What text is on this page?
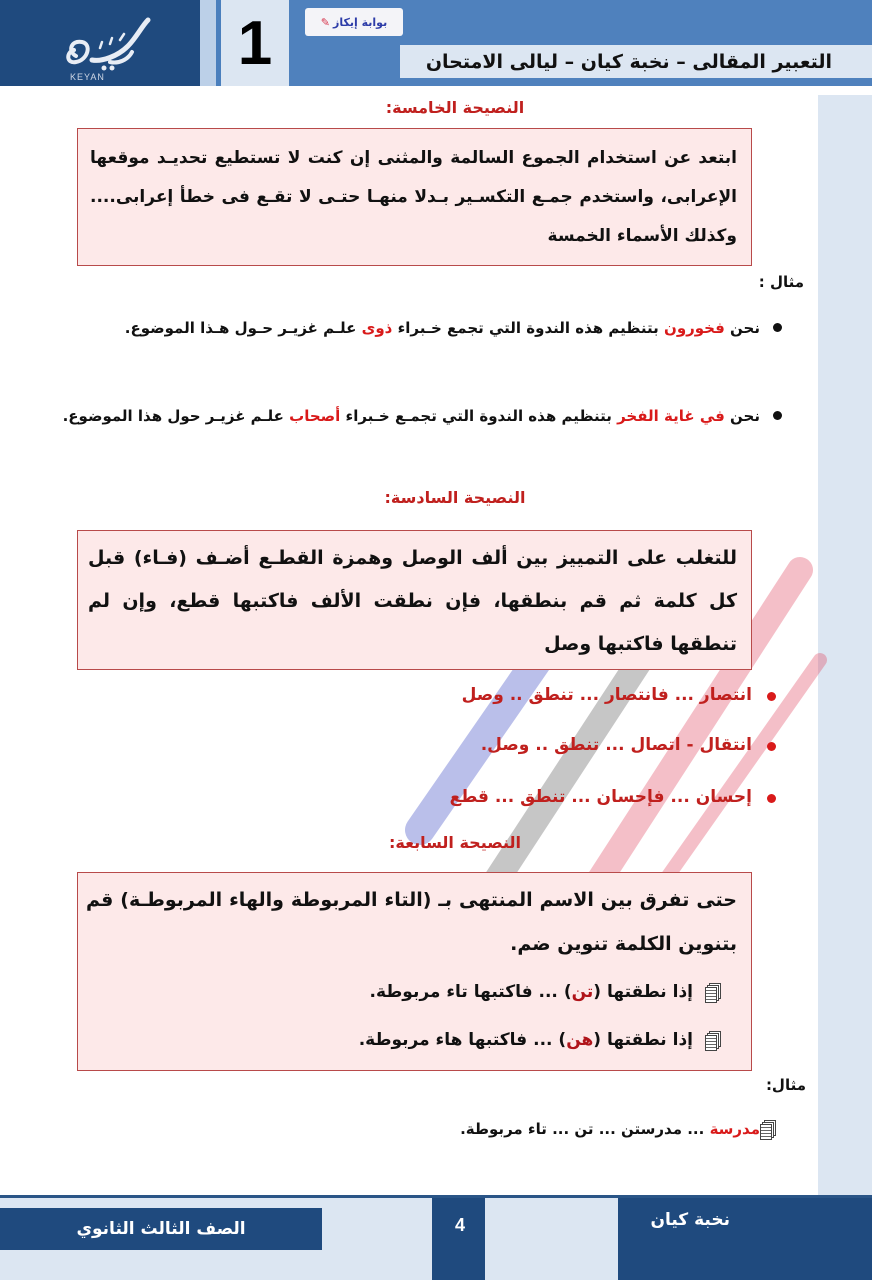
KEYAN 1	بوابة إيكاز
✎
التعبير المقالى – نخبة كيان – ليالى الامتحان
النصيحة الخامسة:
ابتعد عن استخدام الجموع السالمة والمثنى إن كنت لا تستطيع تحديـد موقعها الإعرابى، واستخدم جمـع التكسـير بـدلا منهـا حتـى لا تقـع فى خطأ إعرابى.... وكذلك الأسماء الخمسة
مثال :
نحن فخورون بتنظيم هذه الندوة التي تجمع خـبراء ذوى علـم غزيـر حـول هـذا الموضوع.
نحن في غاية الفخر بتنظيم هذه الندوة التي تجمـع خـبراء أصحاب علـم غزيـر حول هذا الموضوع.
النصيحة السادسة:
للتغلب على التمييز بين ألف الوصل وهمزة القطـع أضـف (فـاء) قبل كل كلمة ثم قم بنطقها، فإن نطقت الألف فاكتبها قطع، وإن لم تنطقها فاكتبها وصل
انتصار ... فانتصار ... تنطق .. وصل
انتقال - اتصال ... تنطق .. وصل.
إحسان ... فإحسان ... تنطق ... قطع
النصيحة السابعة:
حتى تفرق بين الاسم المنتهى بـ (التاء المربوطة والهاء المربوطـة) قم بتنوين الكلمة تنوين ضم.
إذا نطقتها (تن) ... فاكتبها تاء مربوطة.
إذا نطقتها (هن) ... فاكتبها هاء مربوطة.
مثال:
مدرسة ... مدرستن ... تن ... تاء مربوطة.
الصف الثالث الثانوي	4	نخبة كيان
